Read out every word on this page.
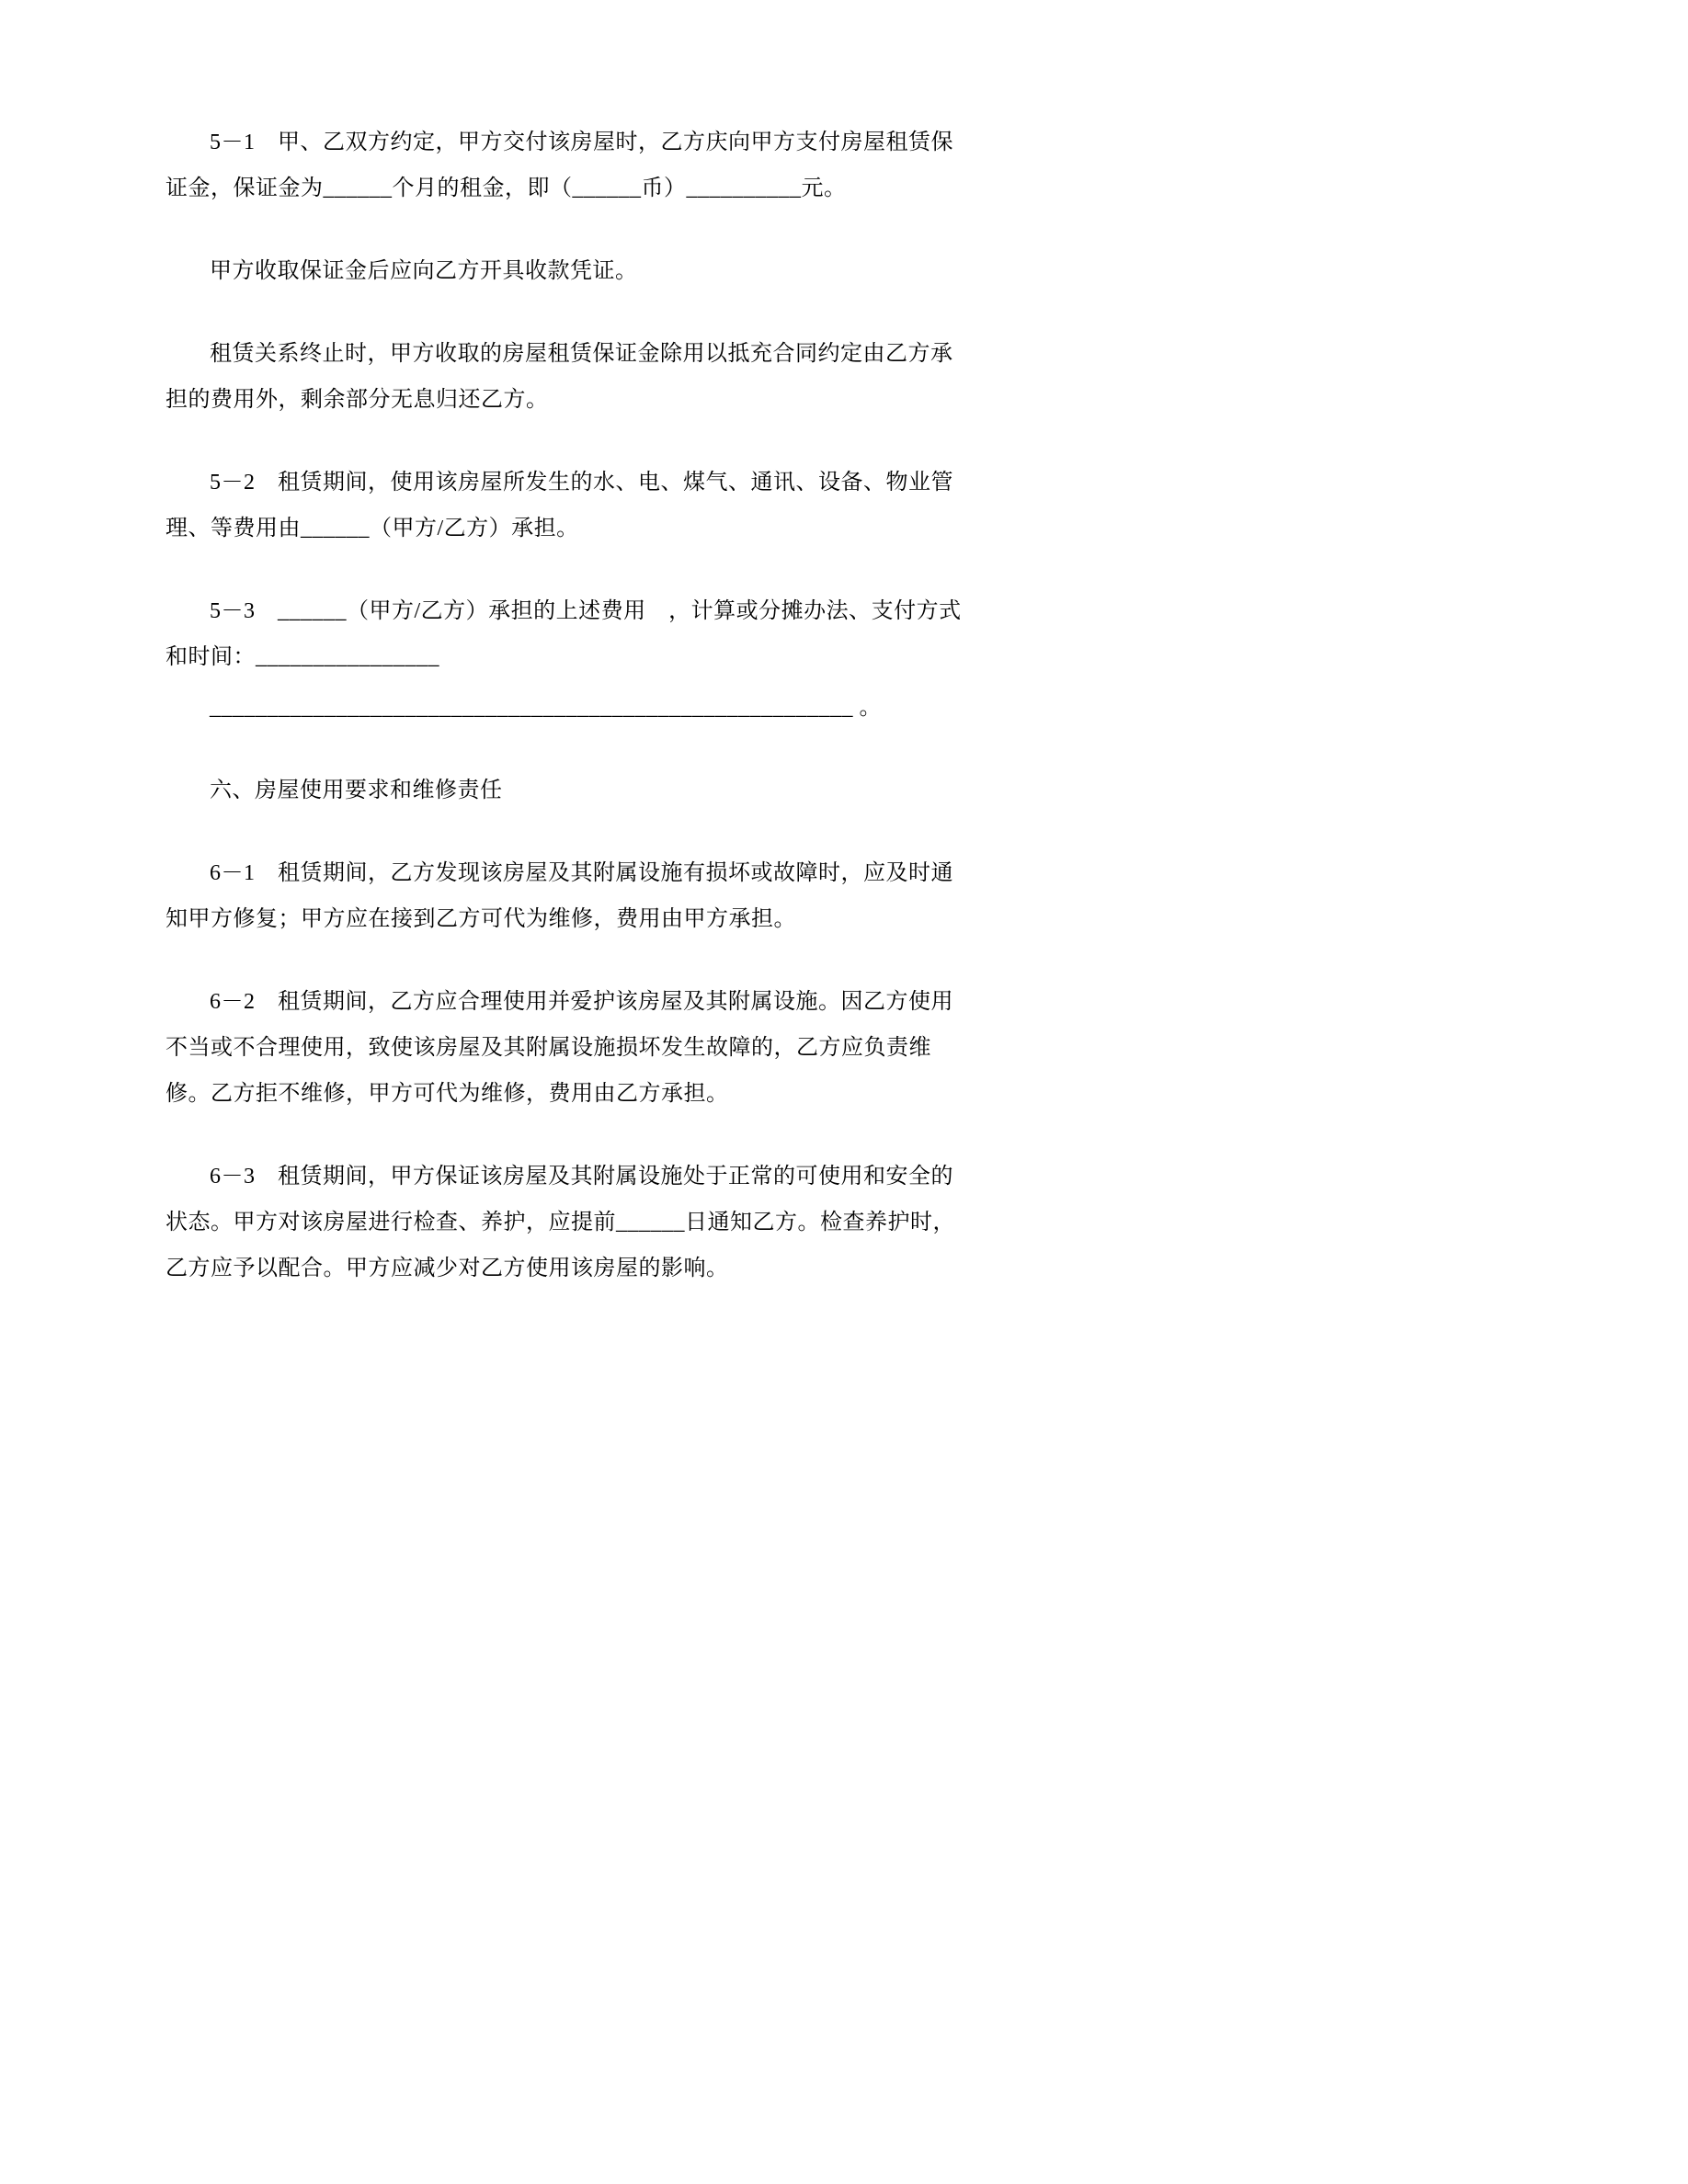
5－1　甲、乙双方约定，甲方交付该房屋时，乙方庆向甲方支付房屋租赁保证金，保证金为______个月的租金，即（______币）__________元。

甲方收取保证金后应向乙方开具收款凭证。

租赁关系终止时，甲方收取的房屋租赁保证金除用以抵充合同约定由乙方承担的费用外，剩余部分无息归还乙方。

5－2　租赁期间，使用该房屋所发生的水、电、煤气、通讯、设备、物业管理、等费用由______（甲方/乙方）承担。

5－3　______（甲方/乙方）承担的上述费用　，计算或分摊办法、支付方式和时间：________________

________________________________________________________ 。

六、房屋使用要求和维修责任

6－1　租赁期间，乙方发现该房屋及其附属设施有损坏或故障时，应及时通知甲方修复；甲方应在接到乙方可代为维修，费用由甲方承担。

6－2　租赁期间，乙方应合理使用并爱护该房屋及其附属设施。因乙方使用不当或不合理使用，致使该房屋及其附属设施损坏发生故障的，乙方应负责维修。乙方拒不维修，甲方可代为维修，费用由乙方承担。

6－3　租赁期间，甲方保证该房屋及其附属设施处于正常的可使用和安全的状态。甲方对该房屋进行检查、养护，应提前______日通知乙方。检查养护时，乙方应予以配合。甲方应减少对乙方使用该房屋的影响。
